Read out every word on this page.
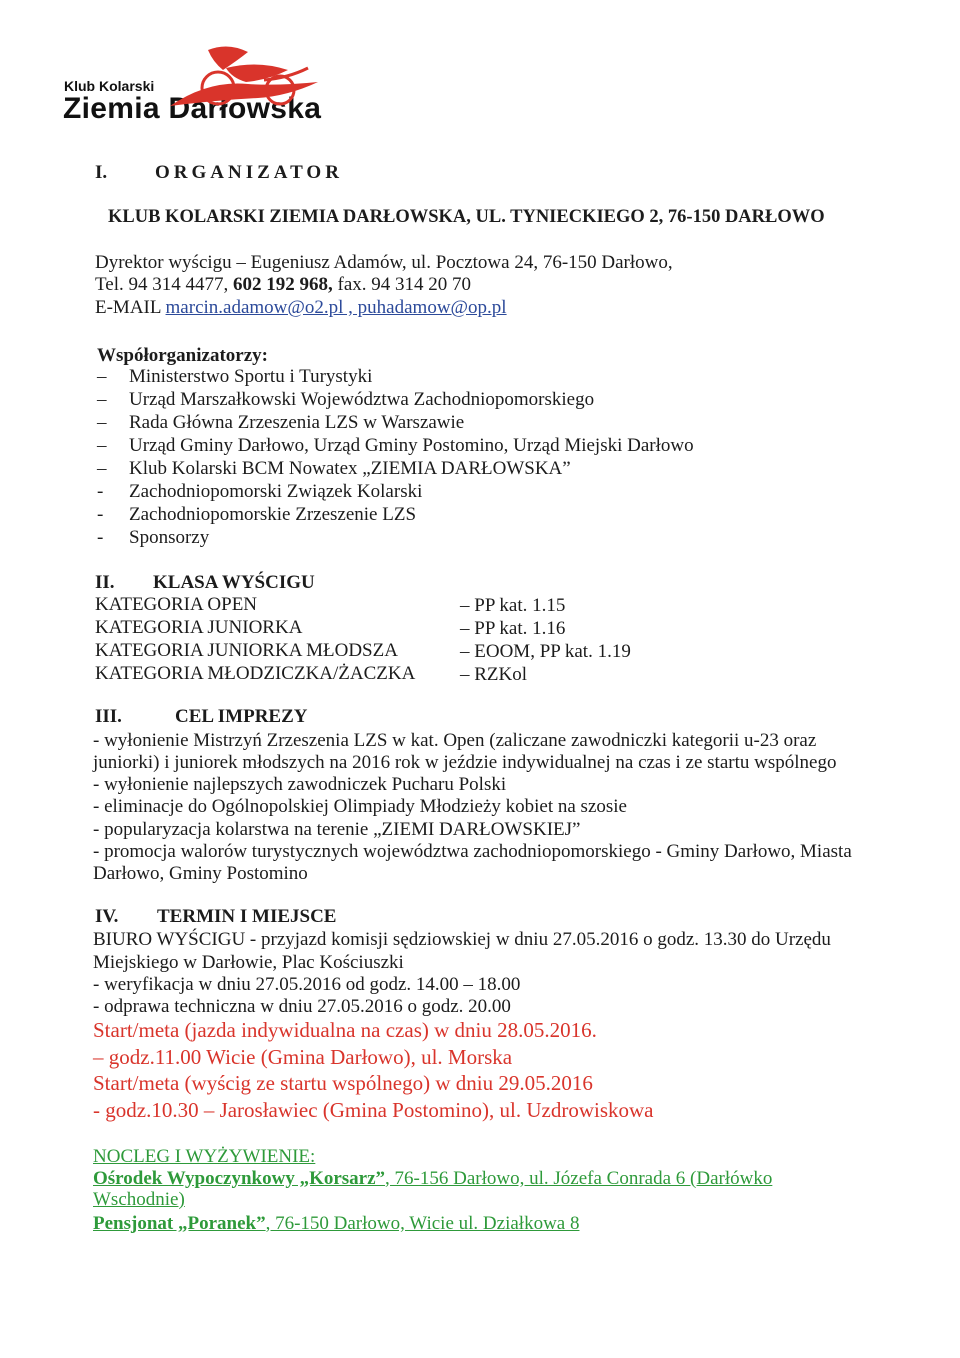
Klub Kolarski
Ziemia Darłowska
I.	ORGANIZATOR
KLUB KOLARSKI ZIEMIA DARŁOWSKA, UL. TYNIECKIEGO 2, 76-150 DARŁOWO
Dyrektor wyścigu – Eugeniusz Adamów, ul. Pocztowa 24, 76-150 Darłowo,
Tel. 94 314 4477, 602 192 968, fax. 94 314 20 70
E-MAIL marcin.adamow@o2.pl , puhadamow@op.pl
Współorganizatorzy:
– Ministerstwo Sportu i Turystyki
– Urząd Marszałkowski Województwa Zachodniopomorskiego
– Rada Główna Zrzeszenia LZS w Warszawie
– Urząd Gminy Darłowo, Urząd Gminy Postomino, Urząd Miejski Darłowo
– Klub Kolarski BCM Nowatex „ZIEMIA DARŁOWSKA”
- Zachodniopomorski Związek Kolarski
- Zachodniopomorskie Zrzeszenie LZS
- Sponsorzy
II. KLASA WYŚCIGU
KATEGORIA OPEN	– PP kat. 1.15
KATEGORIA JUNIORKA	– PP kat. 1.16
KATEGORIA JUNIORKA MŁODSZA	– EOOM, PP kat. 1.19
KATEGORIA MŁODZICZKA/ŻACZKA – RZKol
III.	CEL IMPREZY
- wyłonienie Mistrzyń Zrzeszenia LZS w kat. Open (zaliczane zawodniczki kategorii u-23 oraz
juniorki) i juniorek młodszych na 2016 rok w jeździe indywidualnej na czas i ze startu wspólnego
- wyłonienie najlepszych zawodniczek Pucharu Polski
- eliminacje do Ogólnopolskiej Olimpiady Młodzieży kobiet na szosie
- popularyzacja kolarstwa na terenie „ZIEMI DARŁOWSKIEJ”
- promocja walorów turystycznych województwa zachodniopomorskiego - Gminy Darłowo, Miasta
Darłowo, Gminy Postomino
IV. TERMIN I MIEJSCE
BIURO WYŚCIGU - przyjazd komisji sędziowskiej w dniu 27.05.2016 o godz. 13.30 do Urzędu
Miejskiego w Darłowie, Plac Kościuszki
- weryfikacja w dniu 27.05.2016 od godz. 14.00 – 18.00
- odprawa techniczna w dniu 27.05.2016 o godz. 20.00
Start/meta (jazda indywidualna na czas) w dniu 28.05.2016.
– godz.11.00 Wicie (Gmina Darłowo), ul. Morska
Start/meta (wyścig ze startu wspólnego) w dniu 29.05.2016
- godz.10.30 – Jarosławiec (Gmina Postomino), ul. Uzdrowiskowa
NOCLEG I WYŻYWIENIE:
Ośrodek Wypoczynkowy „Korsarz”, 76-156 Darłowo, ul. Józefa Conrada 6 (Darłówko
Wschodnie)
Pensjonat „Poranek”, 76-150 Darłowo, Wicie ul. Działkowa 8
